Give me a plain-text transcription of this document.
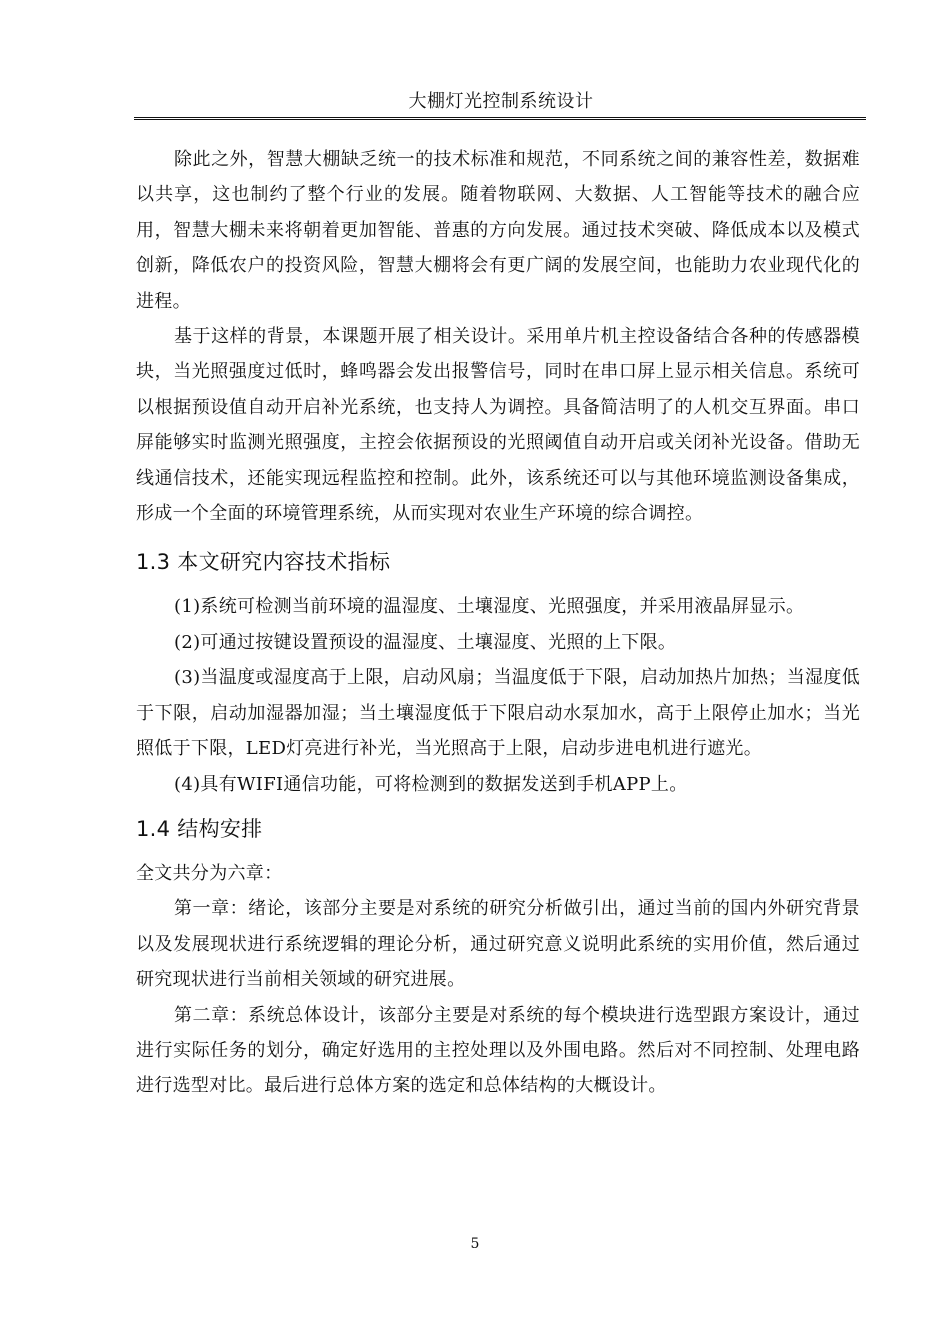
大棚灯光控制系统设计

除此之外，智慧大棚缺乏统一的技术标准和规范，不同系统之间的兼容性差，数据难以共享，这也制约了整个行业的发展。随着物联网、大数据、人工智能等技术的融合应用，智慧大棚未来将朝着更加智能、普惠的方向发展。通过技术突破、降低成本以及模式创新，降低农户的投资风险，智慧大棚将会有更广阔的发展空间，也能助力农业现代化的进程。

基于这样的背景，本课题开展了相关设计。采用单片机主控设备结合各种的传感器模块，当光照强度过低时，蜂鸣器会发出报警信号，同时在串口屏上显示相关信息。系统可以根据预设值自动开启补光系统，也支持人为调控。具备简洁明了的人机交互界面。串口屏能够实时监测光照强度，主控会依据预设的光照阈值自动开启或关闭补光设备。借助无线通信技术，还能实现远程监控和控制。此外，该系统还可以与其他环境监测设备集成，形成一个全面的环境管理系统，从而实现对农业生产环境的综合调控。

1.3 本文研究内容技术指标

(1)系统可检测当前环境的温湿度、土壤湿度、光照强度，并采用液晶屏显示。

(2)可通过按键设置预设的温湿度、土壤湿度、光照的上下限。

(3)当温度或湿度高于上限，启动风扇；当温度低于下限，启动加热片加热；当湿度低于下限，启动加湿器加湿；当土壤湿度低于下限启动水泵加水，高于上限停止加水；当光照低于下限，LED灯亮进行补光，当光照高于上限，启动步进电机进行遮光。

(4)具有WIFI通信功能，可将检测到的数据发送到手机APP上。

1.4 结构安排

全文共分为六章：

第一章：绪论，该部分主要是对系统的研究分析做引出，通过当前的国内外研究背景以及发展现状进行系统逻辑的理论分析，通过研究意义说明此系统的实用价值，然后通过研究现状进行当前相关领域的研究进展。

第二章：系统总体设计，该部分主要是对系统的每个模块进行选型跟方案设计，通过进行实际任务的划分，确定好选用的主控处理以及外围电路。然后对不同控制、处理电路进行选型对比。最后进行总体方案的选定和总体结构的大概设计。

5
